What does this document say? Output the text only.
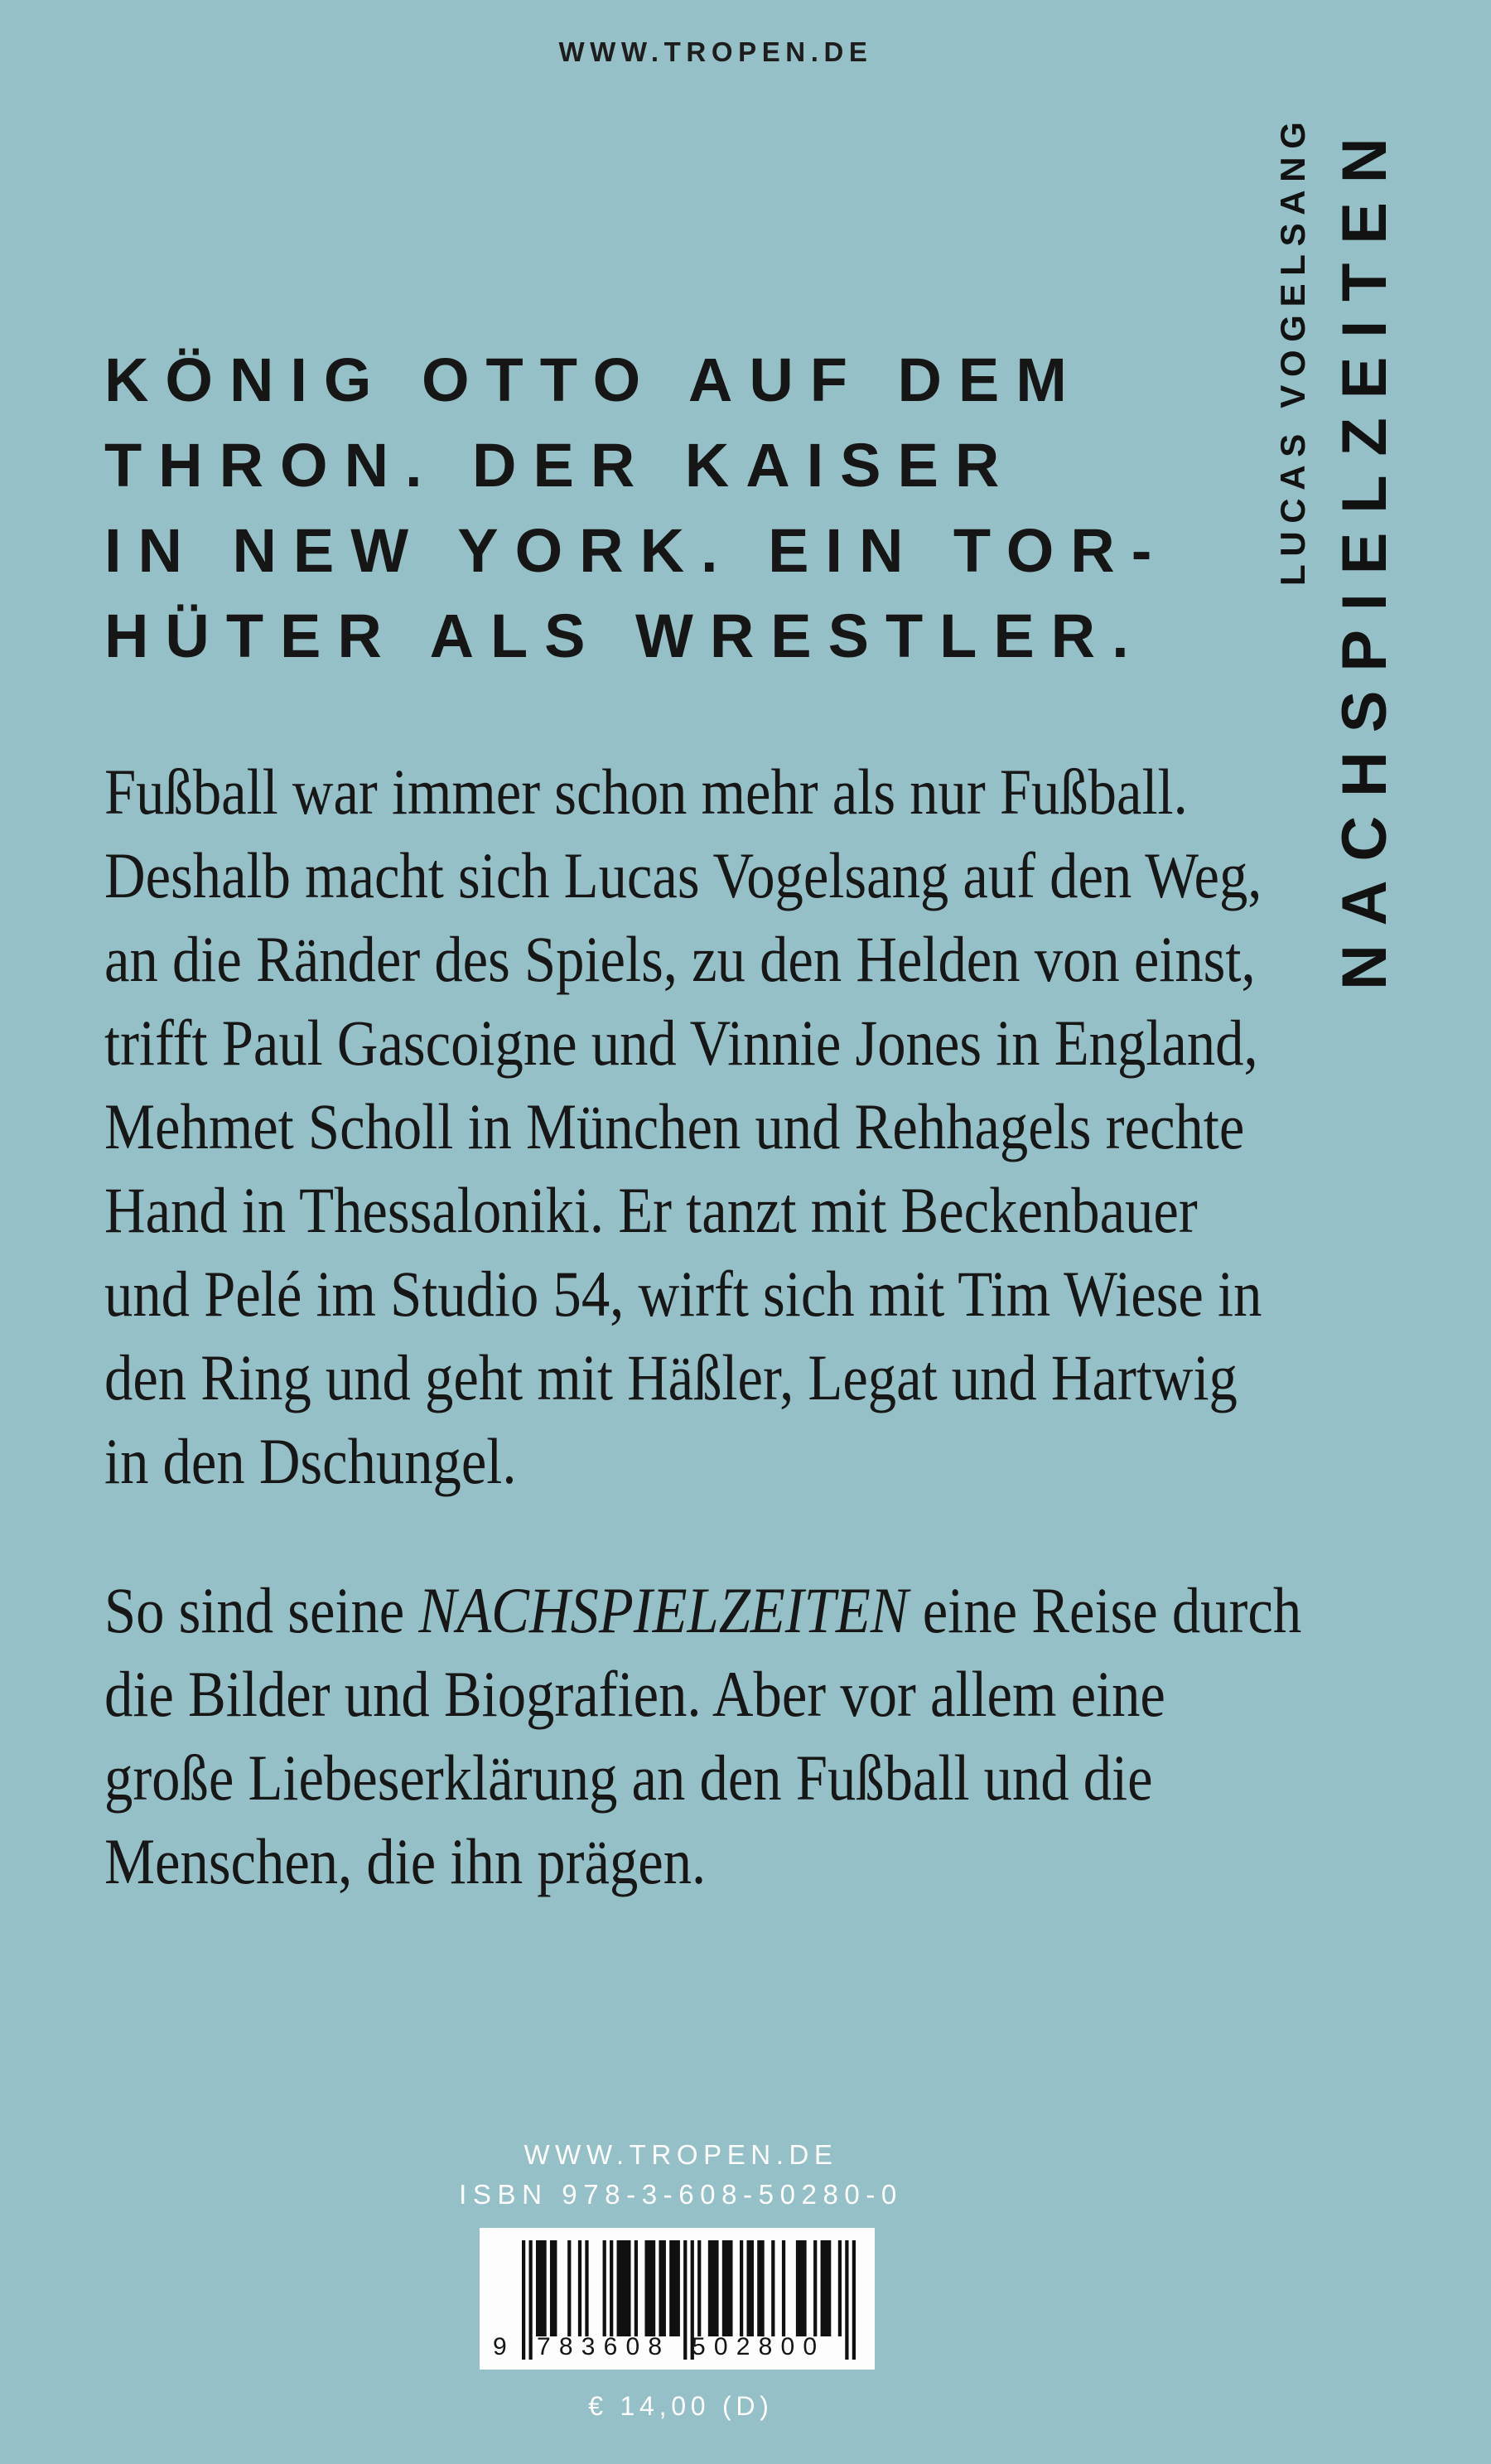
WWW.TROPEN.DE
KÖNIG OTTO AUF DEM
THRON. DER KAISER
IN NEW YORK. EIN TOR-
HÜTER ALS WRESTLER.
Fußball war immer schon mehr als nur Fußball.
Deshalb macht sich Lucas Vogelsang auf den Weg,
an die Ränder des Spiels, zu den Helden von einst,
trifft Paul Gascoigne und Vinnie Jones in England,
Mehmet Scholl in München und Rehhagels rechte
Hand in Thessaloniki. Er tanzt mit Beckenbauer
und Pelé im Studio 54, wirft sich mit Tim Wiese in
den Ring und geht mit Häßler, Legat und Hartwig
in den Dschungel.
So sind seine NACHSPIELZEITEN eine Reise durch
die Bilder und Biografien. Aber vor allem eine
große Liebeserklärung an den Fußball und die
Menschen, die ihn prägen.
LUCAS VOGELSANG NACHSPIELZEITEN
WWW.TROPEN.DE
ISBN 978-3-608-50280-0
9 783608 502800
€ 14,00 (D)
